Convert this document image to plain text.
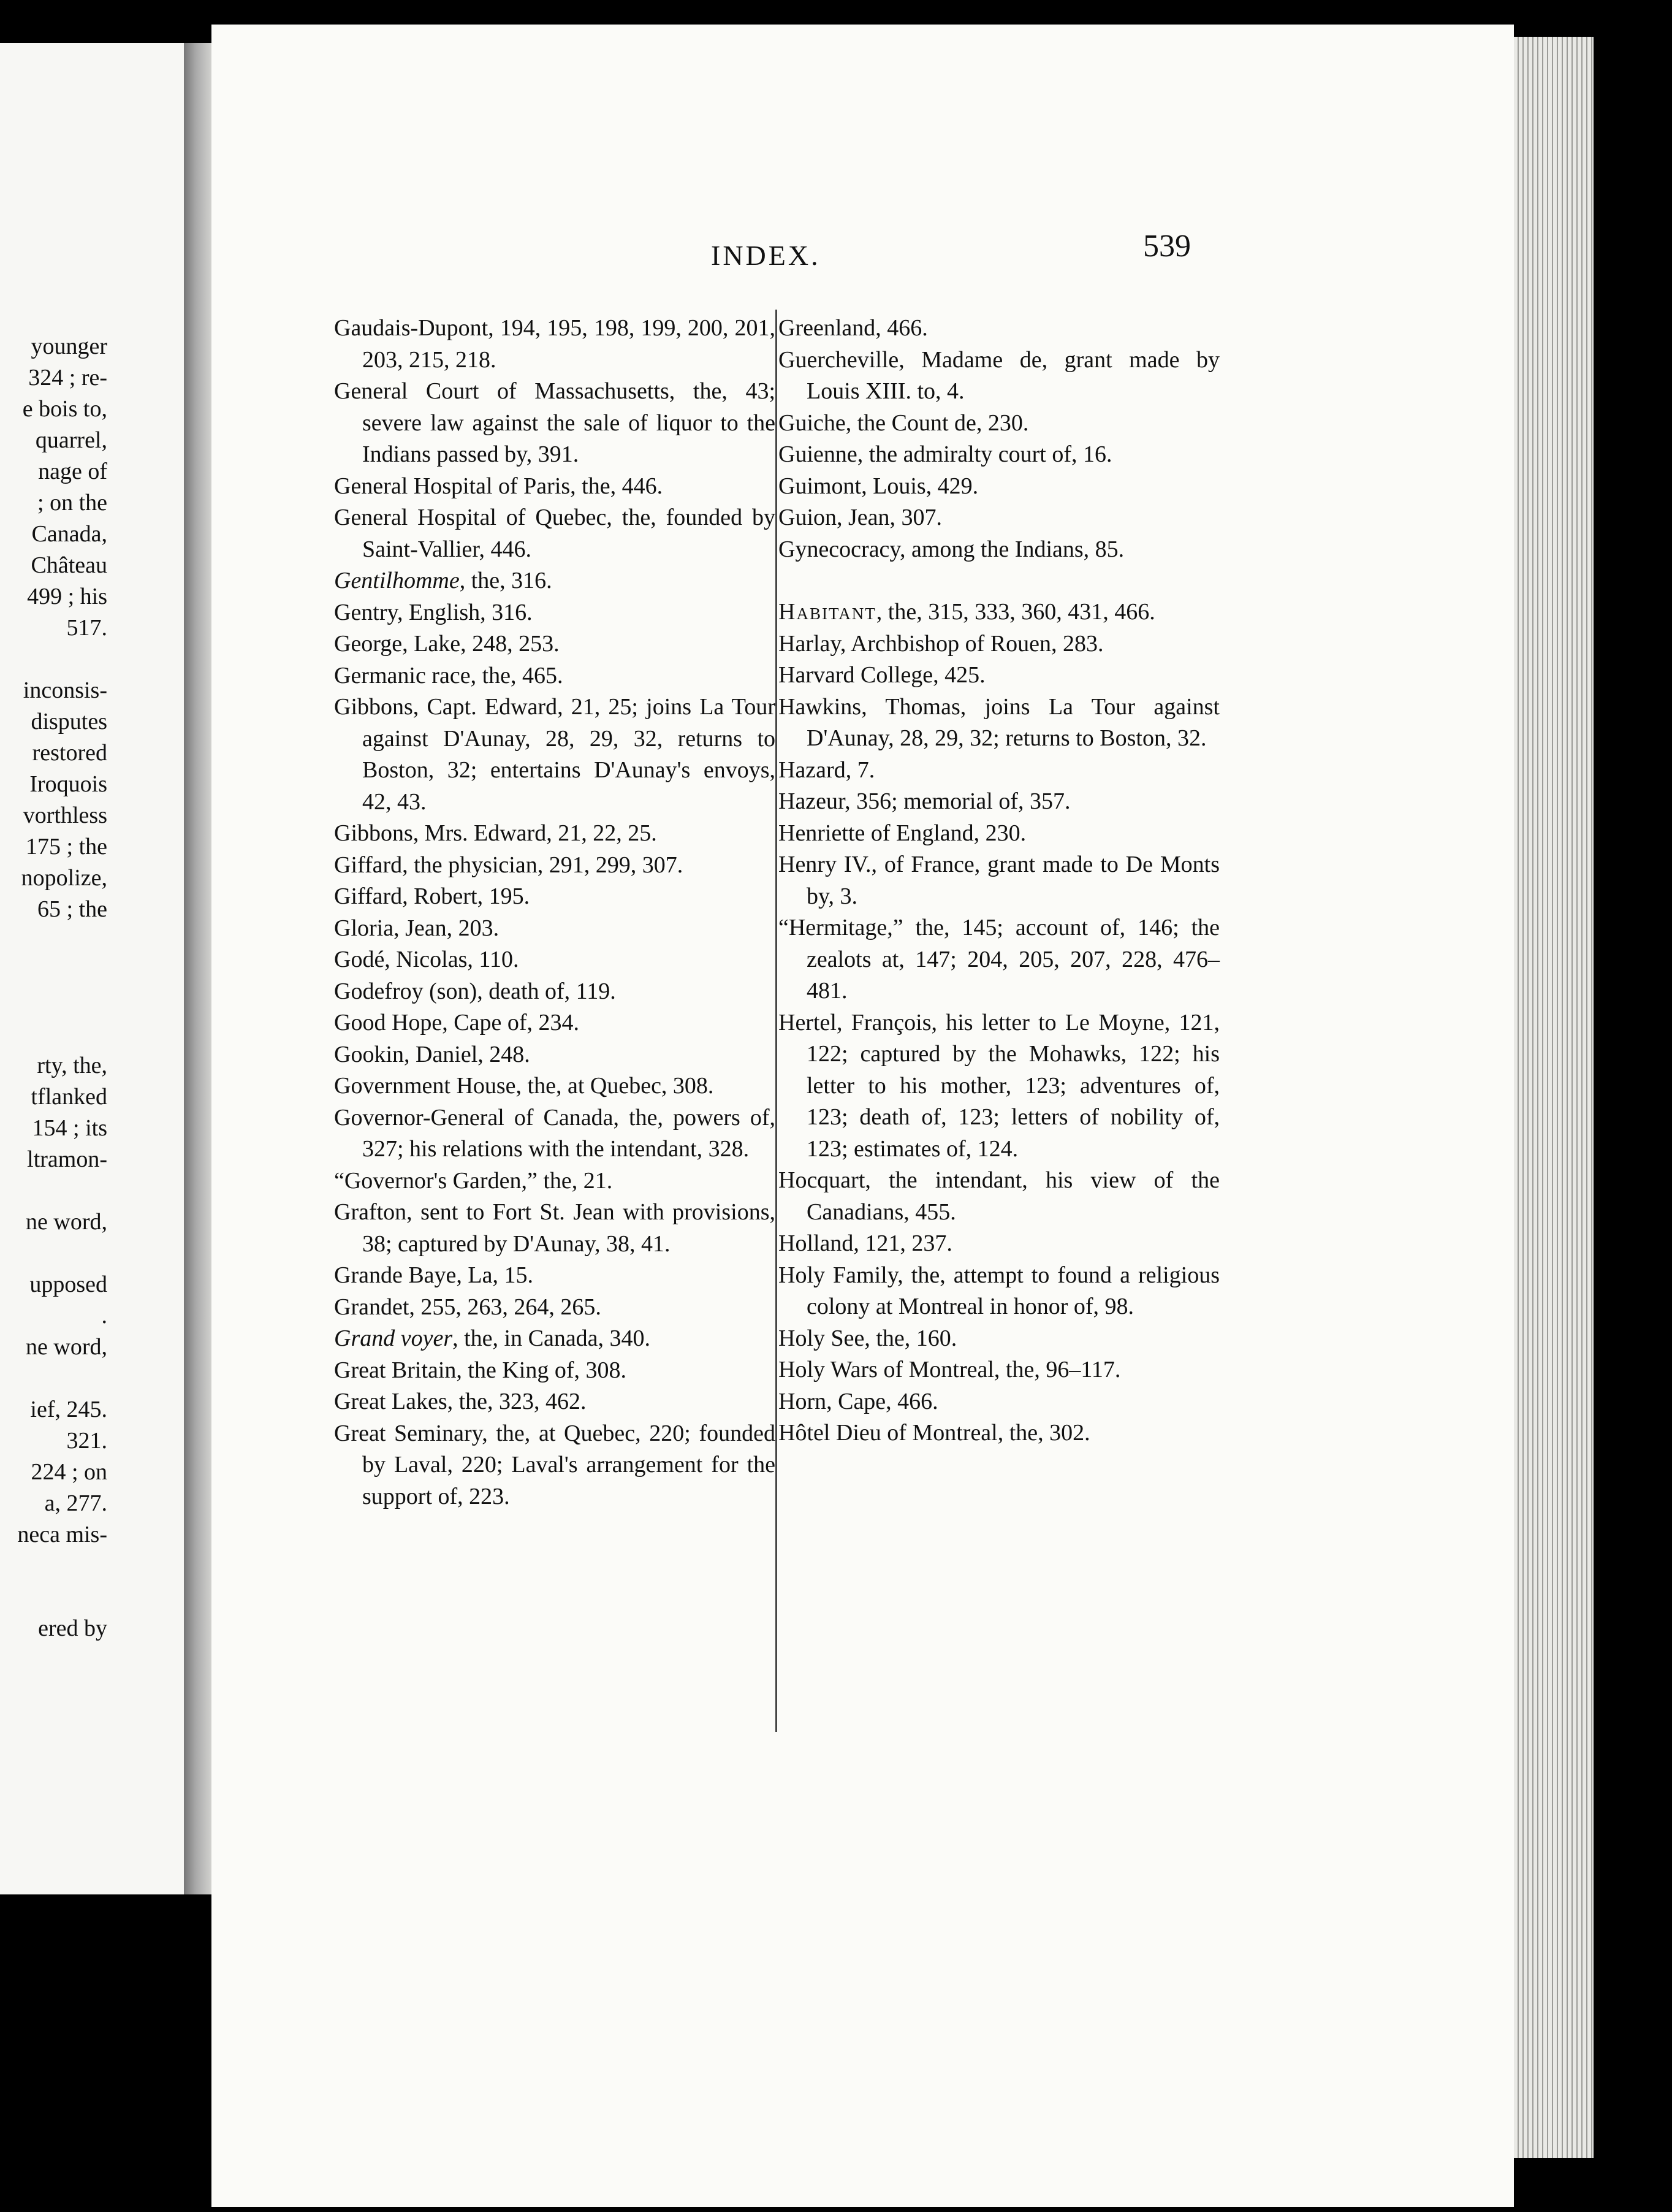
younger
324 ; re-
e bois to,
quarrel,
nage of
; on the
Canada,
Château
499 ; his
517.

inconsis-
disputes
restored
Iroquois
vorthless
175 ; the
nopolize,
65 ; the

rty, the,
tflanked
154 ; its
ltramon-

ne word,

upposed
.
ne word,

ief, 245.
321.
224 ; on
a, 277.
neca mis-

ered by
INDEX.	539

Gaudais-Dupont, 194, 195, 198, 199, 200, 201, 203, 215, 218.

General Court of Massachusetts, the, 43; severe law against the sale of liquor to the Indians passed by, 391.

General Hospital of Paris, the, 446.

General Hospital of Quebec, the, founded by Saint-Vallier, 446.

Gentilhomme, the, 316.

Gentry, English, 316.

George, Lake, 248, 253.

Germanic race, the, 465.

Gibbons, Capt. Edward, 21, 25; joins La Tour against D'Aunay, 28, 29, 32, returns to Boston, 32; entertains D'Aunay's envoys, 42, 43.

Gibbons, Mrs. Edward, 21, 22, 25.

Giffard, the physician, 291, 299, 307.

Giffard, Robert, 195.

Gloria, Jean, 203.

Godé, Nicolas, 110.

Godefroy (son), death of, 119.

Good Hope, Cape of, 234.

Gookin, Daniel, 248.

Government House, the, at Quebec, 308.

Governor-General of Canada, the, powers of, 327; his relations with the intendant, 328.

“Governor's Garden,” the, 21.

Grafton, sent to Fort St. Jean with provisions, 38; captured by D'Aunay, 38, 41.

Grande Baye, La, 15.

Grandet, 255, 263, 264, 265.

Grand voyer, the, in Canada, 340.

Great Britain, the King of, 308.

Great Lakes, the, 323, 462.

Great Seminary, the, at Quebec, 220; founded by Laval, 220; Laval's arrangement for the support of, 223.

Greenland, 466.

Guercheville, Madame de, grant made by Louis XIII. to, 4.

Guiche, the Count de, 230.

Guienne, the admiralty court of, 16.

Guimont, Louis, 429.

Guion, Jean, 307.

Gynecocracy, among the Indians, 85.

Habitant, the, 315, 333, 360, 431, 466.

Harlay, Archbishop of Rouen, 283.

Harvard College, 425.

Hawkins, Thomas, joins La Tour against D'Aunay, 28, 29, 32; returns to Boston, 32.

Hazard, 7.

Hazeur, 356; memorial of, 357.

Henriette of England, 230.

Henry IV., of France, grant made to De Monts by, 3.

“Hermitage,” the, 145; account of, 146; the zealots at, 147; 204, 205, 207, 228, 476–481.

Hertel, François, his letter to Le Moyne, 121, 122; captured by the Mohawks, 122; his letter to his mother, 123; adventures of, 123; death of, 123; letters of nobility of, 123; estimates of, 124.

Hocquart, the intendant, his view of the Canadians, 455.

Holland, 121, 237.

Holy Family, the, attempt to found a religious colony at Montreal in honor of, 98.

Holy See, the, 160.

Holy Wars of Montreal, the, 96–117.

Horn, Cape, 466.

Hôtel Dieu of Montreal, the, 302.
